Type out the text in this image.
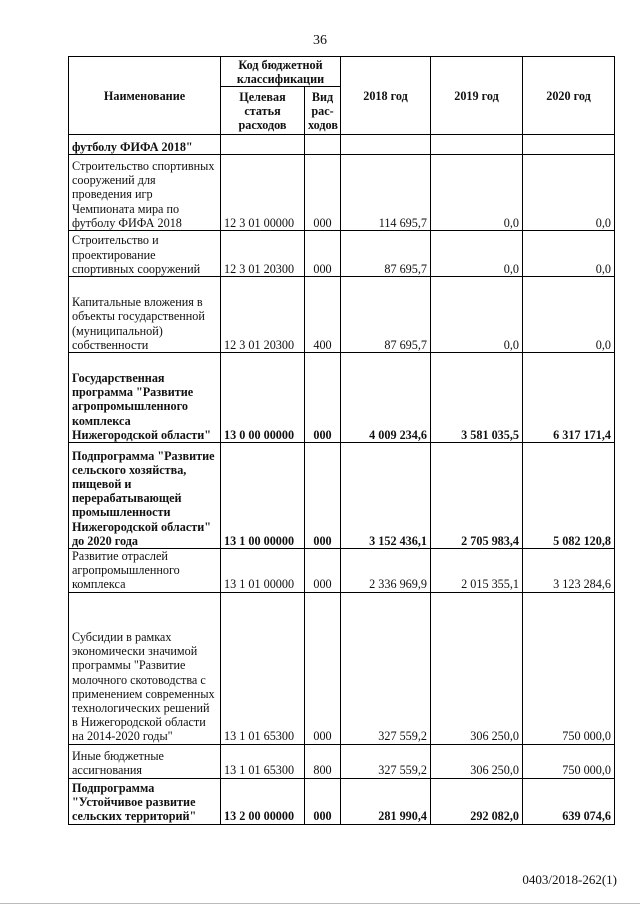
36
Наименование	Код бюджетной классификации		2018 год	2019 год	2020 год
	Целевая статья расходов	Вид рас-ходов			
футболу ФИФА 2018"					
Строительство спортивных сооружений для проведения игр Чемпионата мира по футболу ФИФА 2018	12 3 01 00000	000	114 695,7	0,0	0,0
Строительство и проектирование спортивных сооружений	12 3 01 20300	000	87 695,7	0,0	0,0
Капитальные вложения в объекты государственной (муниципальной) собственности	12 3 01 20300	400	87 695,7	0,0	0,0
Государственная программа "Развитие агропромышленного комплекса Нижегородской области"	13 0 00 00000	000	4 009 234,6	3 581 035,5	6 317 171,4
Подпрограмма "Развитие сельского хозяйства, пищевой и перерабатывающей промышленности Нижегородской области" до 2020 года	13 1 00 00000	000	3 152 436,1	2 705 983,4	5 082 120,8
Развитие отраслей агропромышленного комплекса	13 1 01 00000	000	2 336 969,9	2 015 355,1	3 123 284,6
Субсидии в рамках экономически значимой программы "Развитие молочного скотоводства с применением современных технологических решений в Нижегородской области на 2014-2020 годы"	13 1 01 65300	000	327 559,2	306 250,0	750 000,0
Иные бюджетные ассигнования	13 1 01 65300	800	327 559,2	306 250,0	750 000,0
Подпрограмма "Устойчивое развитие сельских территорий"	13 2 00 00000	000	281 990,4	292 082,0	639 074,6
0403/2018-262(1)
